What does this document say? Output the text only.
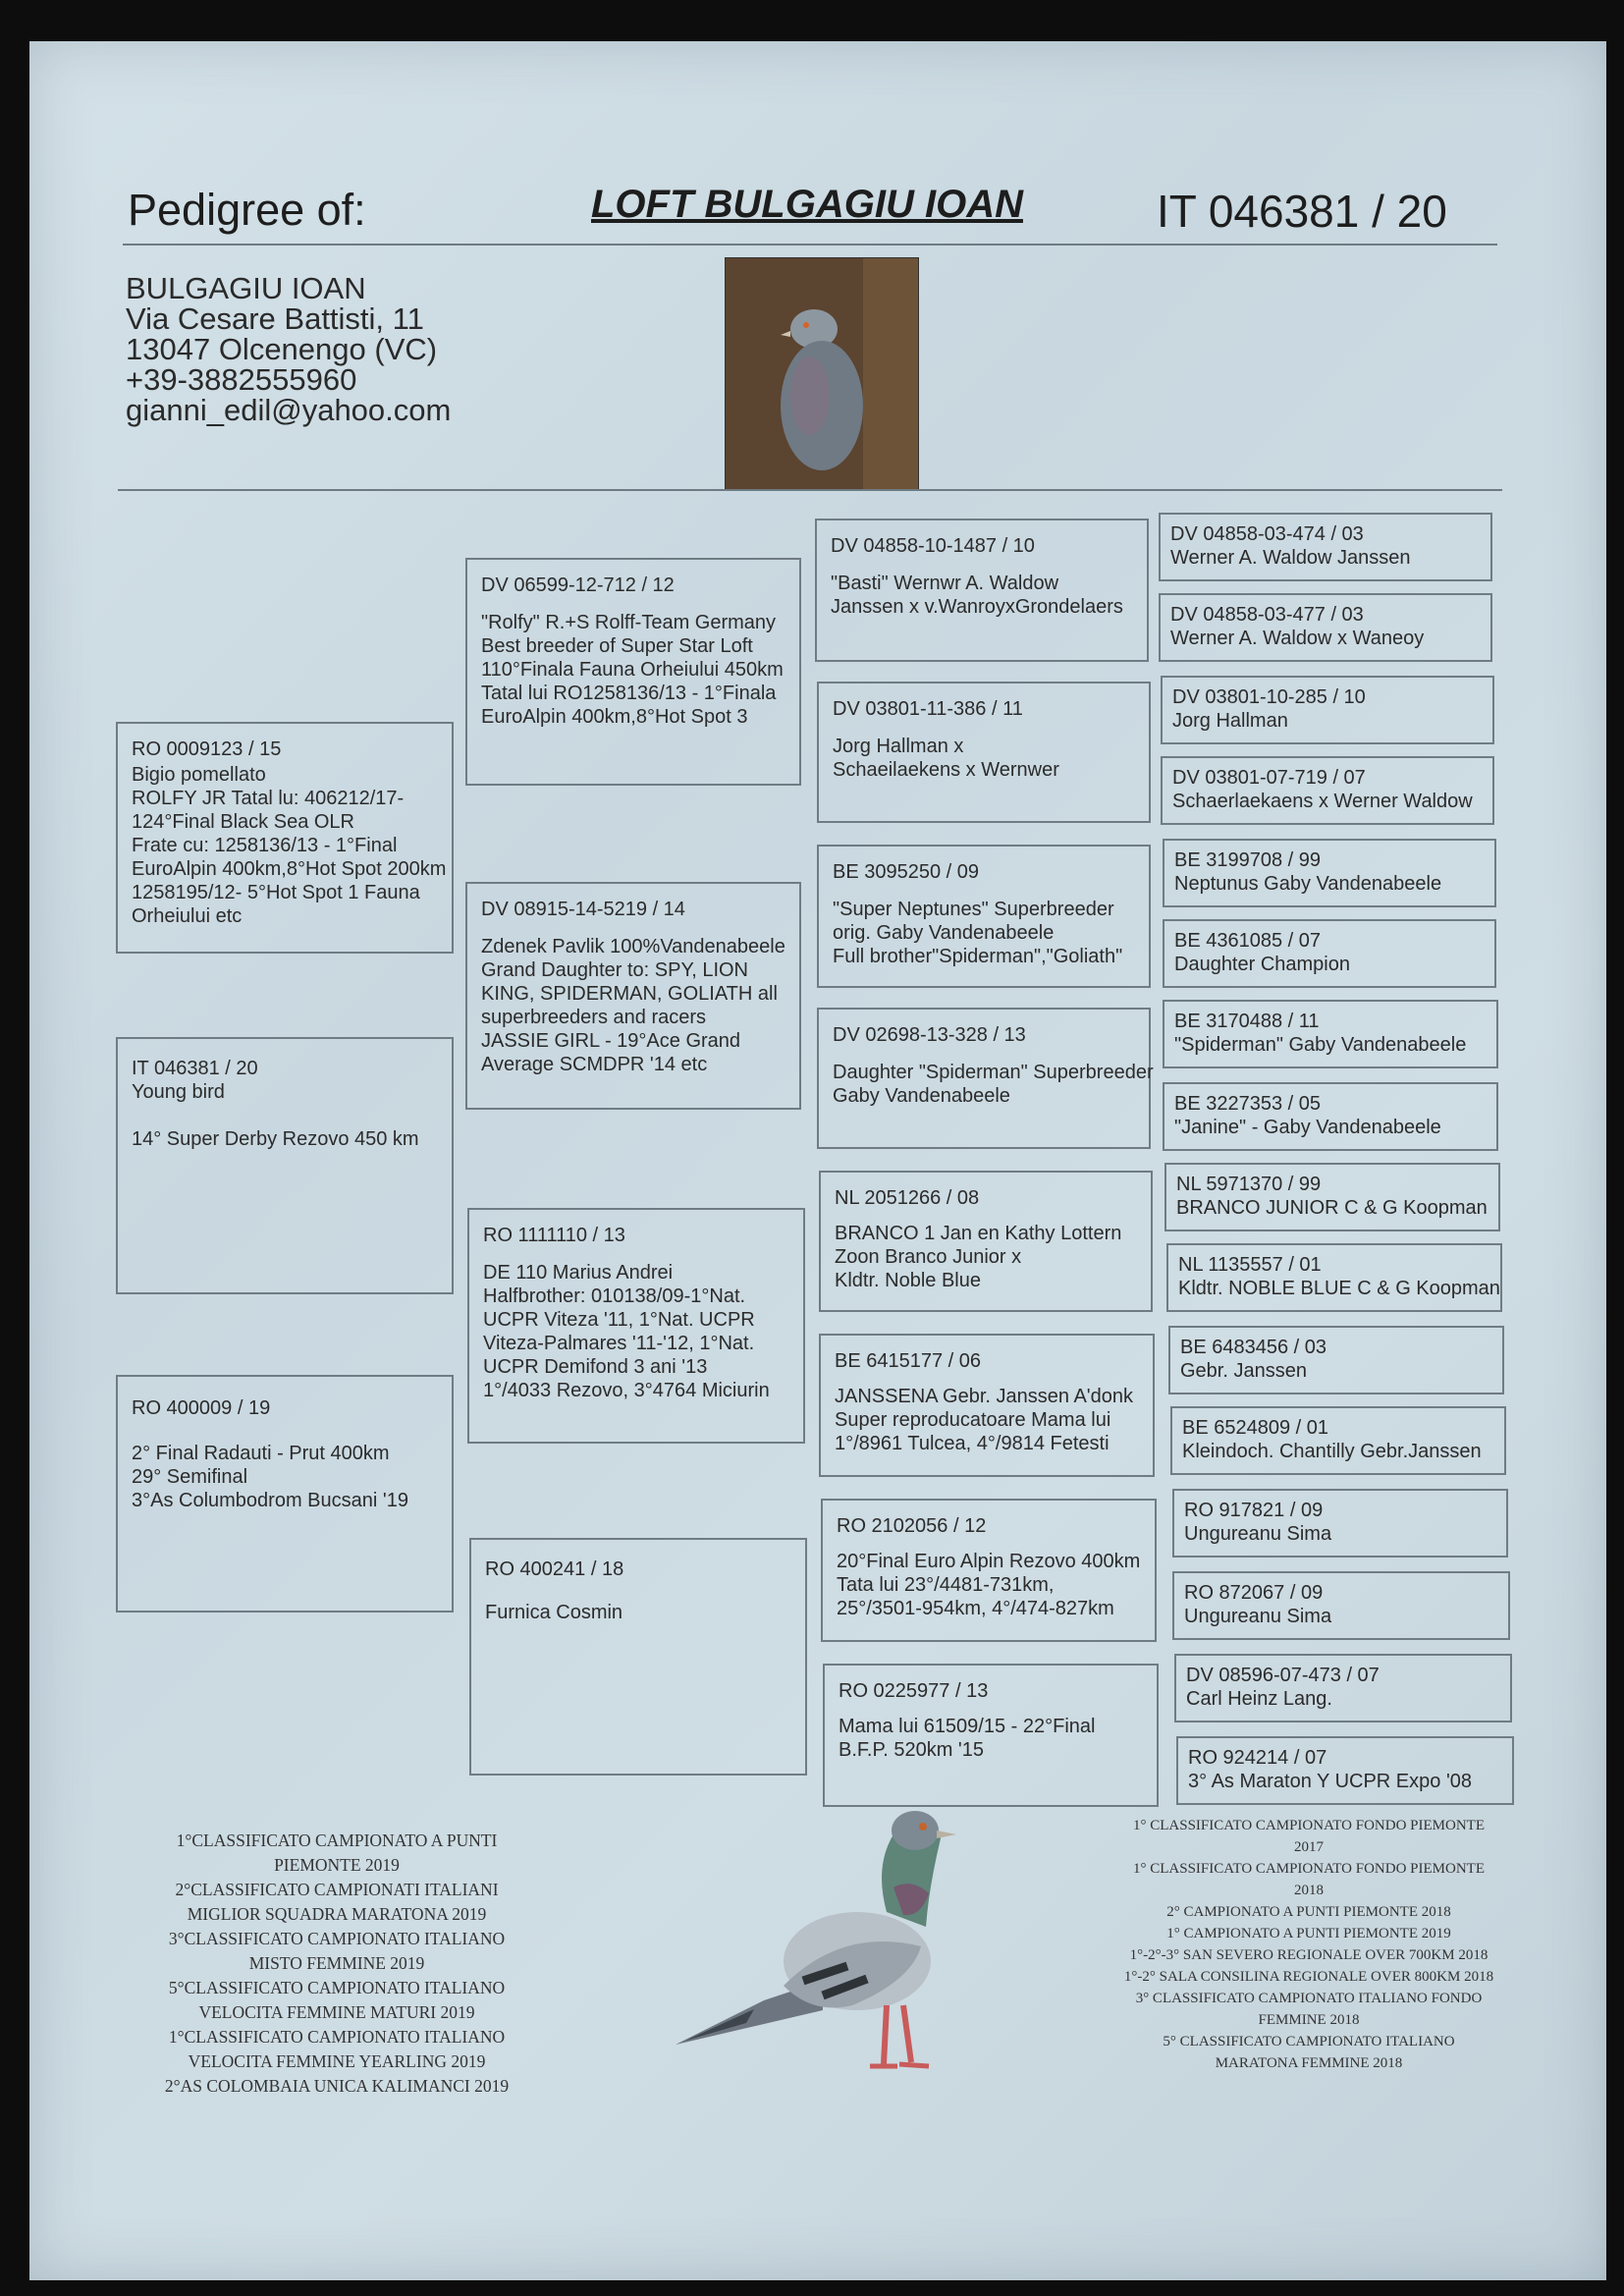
Pedigree of:	LOFT BULGAGIU IOAN	IT 046381 / 20
BULGAGIU IOAN
Via Cesare Battisti, 11
13047 Olcenengo (VC)
+39-3882555960
gianni_edil@yahoo.com
RO 0009123 / 15
Bigio pomellato
ROLFY JR Tatal lu: 406212/17-
124°Final Black Sea OLR
Frate cu: 1258136/13 - 1°Final
EuroAlpin 400km,8°Hot Spot 200km
1258195/12- 5°Hot Spot 1 Fauna
Orheiului etc
IT 046381 / 20
Young bird
14° Super Derby Rezovo 450 km
RO 400009 / 19
2° Final Radauti - Prut 400km
29° Semifinal
3°As Columbodrom Bucsani '19
DV 06599-12-712 / 12
"Rolfy" R.+S Rolff-Team Germany
Best breeder of Super Star Loft
110°Finala Fauna Orheiului 450km
Tatal lui RO1258136/13 - 1°Finala
EuroAlpin 400km,8°Hot Spot 3
DV 08915-14-5219 / 14
Zdenek Pavlik 100%Vandenabeele
Grand Daughter to: SPY, LION
KING, SPIDERMAN, GOLIATH all
superbreeders and racers
JASSIE GIRL - 19°Ace Grand
Average SCMDPR '14 etc
RO 1111110 / 13
DE 110 Marius Andrei
Halfbrother: 010138/09-1°Nat.
UCPR Viteza '11, 1°Nat. UCPR
Viteza-Palmares '11-'12, 1°Nat.
UCPR Demifond 3 ani '13
1°/4033 Rezovo, 3°4764 Miciurin
RO 400241 / 18
Furnica Cosmin
DV 04858-10-1487 / 10
"Basti" Wernwr A. Waldow
Janssen x v.WanroyxGrondelaers
DV 03801-11-386 / 11
Jorg Hallman x
Schaeilaekens x Wernwer
BE 3095250 / 09
"Super Neptunes" Superbreeder
orig. Gaby Vandenabeele
Full brother"Spiderman","Goliath"
DV 02698-13-328 / 13
Daughter "Spiderman" Superbreeder
Gaby Vandenabeele
NL 2051266 / 08
BRANCO 1 Jan en Kathy Lottern
Zoon Branco Junior x
Kldtr. Noble Blue
BE 6415177 / 06
JANSSENA Gebr. Janssen A'donk
Super reproducatoare Mama lui
1°/8961 Tulcea, 4°/9814 Fetesti
RO 2102056 / 12
20°Final Euro Alpin Rezovo 400km
Tata lui 23°/4481-731km,
25°/3501-954km, 4°/474-827km
RO 0225977 / 13
Mama lui 61509/15 - 22°Final
B.F.P. 520km '15
DV 04858-03-474 / 03
Werner A. Waldow Janssen
DV 04858-03-477 / 03
Werner A. Waldow x Waneoy
DV 03801-10-285 / 10
Jorg Hallman
DV 03801-07-719 / 07
Schaerlaekaens x Werner Waldow
BE 3199708 / 99
Neptunus Gaby Vandenabeele
BE 4361085 / 07
Daughter Champion
BE 3170488 / 11
"Spiderman" Gaby Vandenabeele
BE 3227353 / 05
"Janine" - Gaby Vandenabeele
NL 5971370 / 99
BRANCO JUNIOR C & G Koopman
NL 1135557 / 01
Kldtr. NOBLE BLUE C & G Koopman
BE 6483456 / 03
Gebr. Janssen
BE 6524809 / 01
Kleindoch. Chantilly Gebr.Janssen
RO 917821 / 09
Ungureanu Sima
RO 872067 / 09
Ungureanu Sima
DV 08596-07-473 / 07
Carl Heinz Lang.
RO 924214 / 07
3° As Maraton Y UCPR Expo '08
1°CLASSIFICATO CAMPIONATO A PUNTI
PIEMONTE 2019
2°CLASSIFICATO CAMPIONATI ITALIANI
MIGLIOR SQUADRA MARATONA 2019
3°CLASSIFICATO CAMPIONATO ITALIANO
MISTO FEMMINE 2019
5°CLASSIFICATO CAMPIONATO ITALIANO
VELOCITA FEMMINE MATURI 2019
1°CLASSIFICATO CAMPIONATO ITALIANO
VELOCITA FEMMINE YEARLING 2019
2°AS COLOMBAIA UNICA KALIMANCI 2019
1° CLASSIFICATO CAMPIONATO FONDO PIEMONTE
2017
1° CLASSIFICATO CAMPIONATO FONDO PIEMONTE
2018
2° CAMPIONATO A PUNTI PIEMONTE 2018
1° CAMPIONATO A PUNTI PIEMONTE 2019
1°-2°-3° SAN SEVERO REGIONALE OVER 700KM 2018
1°-2° SALA CONSILINA REGIONALE OVER 800KM 2018
3° CLASSIFICATO CAMPIONATO ITALIANO FONDO
FEMMINE 2018
5° CLASSIFICATO CAMPIONATO ITALIANO
MARATONA FEMMINE 2018
